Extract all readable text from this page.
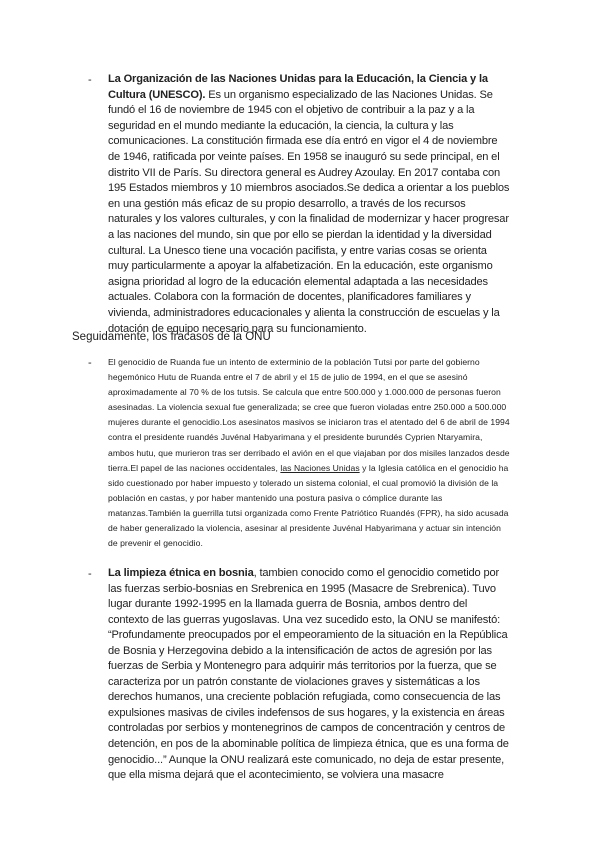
- La Organización de las Naciones Unidas para la Educación, la Ciencia y la Cultura (UNESCO). Es un organismo especializado de las Naciones Unidas. Se fundó el 16 de noviembre de 1945 con el objetivo de contribuir a la paz y a la seguridad en el mundo mediante la educación, la ciencia, la cultura y las comunicaciones. La constitución firmada ese día entró en vigor el 4 de noviembre de 1946, ratificada por veinte países. En 1958 se inauguró su sede principal, en el distrito VII de París. Su directora general es Audrey Azoulay. En 2017 contaba con 195 Estados miembros y 10 miembros asociados.Se dedica a orientar a los pueblos en una gestión más eficaz de su propio desarrollo, a través de los recursos naturales y los valores culturales, y con la finalidad de modernizar y hacer progresar a las naciones del mundo, sin que por ello se pierdan la identidad y la diversidad cultural. La Unesco tiene una vocación pacifista, y entre varias cosas se orienta muy particularmente a apoyar la alfabetización. En la educación, este organismo asigna prioridad al logro de la educación elemental adaptada a las necesidades actuales. Colabora con la formación de docentes, planificadores familiares y vivienda, administradores educacionales y alienta la construcción de escuelas y la dotación de equipo necesario para su funcionamiento.
Seguidamente, los fracasos de la ONU
- El genocidio de Ruanda fue un intento de exterminio de la población Tutsi por parte del gobierno hegemónico Hutu de Ruanda entre el 7 de abril y el 15 de julio de 1994, en el que se asesinó aproximadamente al 70 % de los tutsis. Se calcula que entre 500.000 y 1.000.000 de personas fueron asesinadas. La violencia sexual fue generalizada; se cree que fueron violadas entre 250.000 a 500.000 mujeres durante el genocidio.Los asesinatos masivos se iniciaron tras el atentado del 6 de abril de 1994 contra el presidente ruandés Juvénal Habyarimana y el presidente burundés Cyprien Ntaryamira, ambos hutu, que murieron tras ser derribado el avión en el que viajaban por dos misiles lanzados desde tierra.El papel de las naciones occidentales, las Naciones Unidas y la Iglesia católica en el genocidio ha sido cuestionado por haber impuesto y tolerado un sistema colonial, el cual promovió la división de la población en castas, y por haber mantenido una postura pasiva o cómplice durante las matanzas.También la guerrilla tutsi organizada como Frente Patriótico Ruandés (FPR), ha sido acusada de haber generalizado la violencia, asesinar al presidente Juvénal Habyarimana y actuar sin intención de prevenir el genocidio.
- La limpieza étnica en bosnia, tambien conocido como el genocidio cometido por las fuerzas serbio-bosnias en Srebrenica en 1995 (Masacre de Srebrenica). Tuvo lugar durante 1992-1995 en la llamada guerra de Bosnia, ambos dentro del contexto de las guerras yugoslavas. Una vez sucedido esto, la ONU se manifestó: “Profundamente preocupados por el empeoramiento de la situación en la República de Bosnia y Herzegovina debido a la intensificación de actos de agresión por las fuerzas de Serbia y Montenegro para adquirir más territorios por la fuerza, que se caracteriza por un patrón constante de violaciones graves y sistemáticas a los derechos humanos, una creciente población refugiada, como consecuencia de las expulsiones masivas de civiles indefensos de sus hogares, y la existencia en áreas controladas por serbios y montenegrinos de campos de concentración y centros de detención, en pos de la abominable política de limpieza étnica, que es una forma de genocidio...” Aunque la ONU realizará este comunicado, no deja de estar presente, que ella misma dejará que el acontecimiento, se volviera una masacre
